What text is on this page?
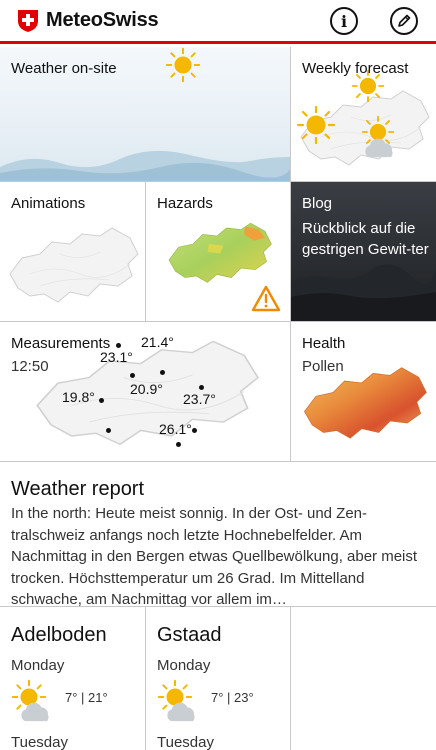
MeteoSwiss	i
Weather on-site	Weekly forecast
Animations	Hazards	Blog
Rückblick auf die gestrigen Gewit-ter
Measurements
12:50
21.4°
23.1°
20.9°
19.8°	23.7°
26.1°
Health
Pollen
Weather report

In the north: Heute meist sonnig. In der Ost- und Zen-tralschweiz anfangs noch letzte Hochnebelfelder. Am Nachmittag in den Bergen etwas Quellbewölkung, aber meist trocken. Höchsttemperatur um 26 Grad. Im Mittelland schwache, am Nachmittag vor allem im…

Adelboden
Monday
7° | 21°
Tuesday
Gstaad
Monday
7° | 23°
Tuesday
